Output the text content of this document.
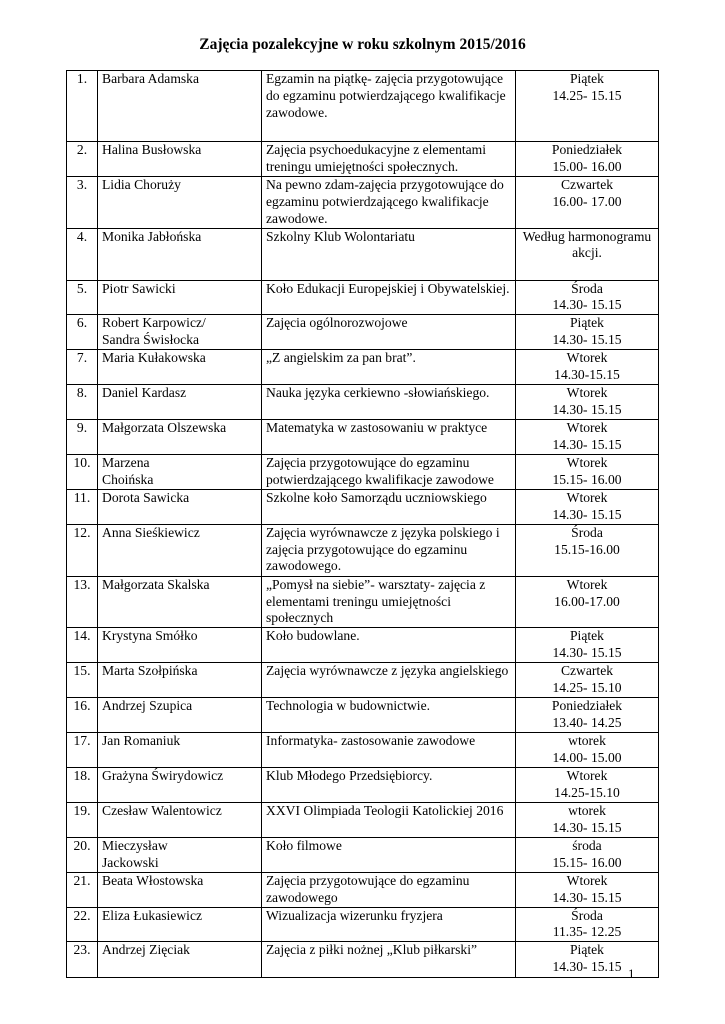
Zajęcia pozalekcyjne w roku szkolnym 2015/2016
1.	Barbara Adamska	Egzamin na piątkę- zajęcia przygotowujące do egzaminu potwierdzającego kwalifikacje zawodowe.	Piątek
14.25- 15.15
2.	Halina Busłowska	Zajęcia psychoedukacyjne z elementami treningu umiejętności społecznych.	Poniedziałek
15.00- 16.00
3.	Lidia Choruży	Na pewno zdam-zajęcia przygotowujące do egzaminu potwierdzającego kwalifikacje zawodowe.	Czwartek
16.00- 17.00
4.	Monika Jabłońska	Szkolny Klub Wolontariatu	Według harmonogramu akcji.
5.	Piotr Sawicki	Koło Edukacji Europejskiej i Obywatelskiej.	Środa
14.30- 15.15
6.	Robert Karpowicz/
Sandra Świsłocka	Zajęcia ogólnorozwojowe	Piątek
14.30- 15.15
7.	Maria Kułakowska	„Z angielskim za pan brat”.	Wtorek
14.30-15.15
8.	Daniel Kardasz	Nauka języka cerkiewno -słowiańskiego.	Wtorek
14.30- 15.15
9.	Małgorzata Olszewska	Matematyka w zastosowaniu w praktyce	Wtorek
14.30- 15.15
10.	Marzena
Choińska	Zajęcia przygotowujące do egzaminu potwierdzającego kwalifikacje zawodowe	Wtorek
15.15- 16.00
11.	Dorota Sawicka	Szkolne koło Samorządu uczniowskiego	Wtorek
14.30- 15.15
12.	Anna Sieśkiewicz	Zajęcia wyrównawcze z języka polskiego i zajęcia przygotowujące do egzaminu zawodowego.	Środa
15.15-16.00
13.	Małgorzata Skalska	„Pomysł na siebie”- warsztaty- zajęcia z elementami treningu umiejętności społecznych	Wtorek
16.00-17.00
14.	Krystyna Smółko	Koło budowlane.	Piątek
14.30- 15.15
15.	Marta Szołpińska	Zajęcia wyrównawcze z języka angielskiego	Czwartek
14.25- 15.10
16.	Andrzej Szupica	Technologia w budownictwie.	Poniedziałek
13.40- 14.25
17.	Jan Romaniuk	Informatyka- zastosowanie zawodowe	wtorek
14.00- 15.00
18.	Grażyna Świrydowicz	Klub Młodego Przedsiębiorcy.	Wtorek
14.25-15.10
19.	Czesław Walentowicz	XXVI Olimpiada Teologii Katolickiej 2016	wtorek
14.30- 15.15
20.	Mieczysław
Jackowski	Koło filmowe	środa
15.15- 16.00
21.	Beata Włostowska	Zajęcia przygotowujące do egzaminu zawodowego	Wtorek
14.30- 15.15
22.	Eliza Łukasiewicz	Wizualizacja wizerunku fryzjera	Środa
11.35- 12.25
23.	Andrzej Zięciak	Zajęcia z piłki nożnej „Klub piłkarski”	Piątek
14.30- 15.15 1
